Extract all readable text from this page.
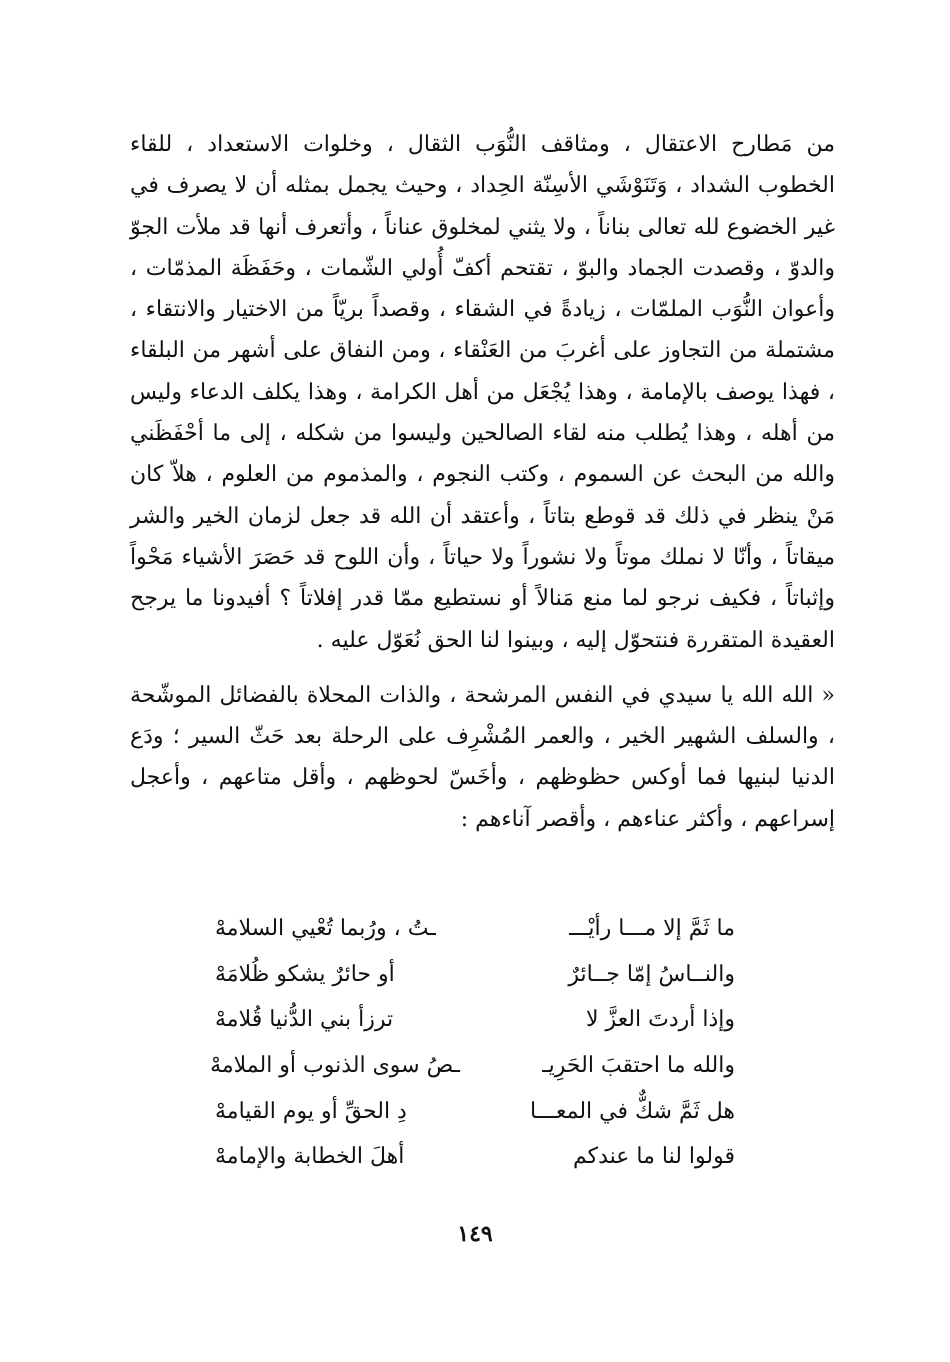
من مَطارح الاعتقال ، ومثاقف النُّوَب الثقال ، وخلوات الاستعداد ، للقاء الخطوب الشداد ، وَتَنَوْشَي الأسِنّة الحِداد ، وحيث يجمل بمثله أن لا يصرف في غير الخضوع لله تعالى بناناً ، ولا يثني لمخلوق عناناً ، وأتعرف أنها قد ملأت الجوّ والدوّ ، وقصدت الجماد والبوّ ، تقتحم أكفّ أُولي الشّمات ، وحَفَظَة المذمّات ، وأعوان النُّوَب الملمّات ، زيادةً في الشقاء ، وقصداً بريّاً من الاختيار والانتقاء ، مشتملة من التجاوز على أغربَ من العَنْقاء ، ومن النفاق على أشهر من البلقاء ، فهذا يوصف بالإمامة ، وهذا يُجْعَل من أهل الكرامة ، وهذا يكلف الدعاء وليس من أهله ، وهذا يُطلب منه لقاء الصالحين وليسوا من شكله ، إلى ما أحْفَظَني والله من البحث عن السموم ، وكتب النجوم ، والمذموم من العلوم ، هلاّ كان مَنْ ينظر في ذلك قد قوطع بتاتاً ، وأعتقد أن الله قد جعل لزمان الخير والشر ميقاتاً ، وأنّا لا نملك موتاً ولا نشوراً ولا حياتاً ، وأن اللوح قد حَصَرَ الأشياء مَحْواً وإثباتاً ، فكيف نرجو لما منع مَنالاً أو نستطيع ممّا قدر إفلاتاً ؟ أفيدونا ما يرجح العقيدة المتقررة فنتحوّل إليه ، وبينوا لنا الحق نُعَوّل عليه .

« الله الله يا سيدي في النفس المرشحة ، والذات المحلاة بالفضائل الموشّحة ، والسلف الشهير الخير ، والعمر المُشْرِف على الرحلة بعد حَثّ السير ؛ ودَع الدنيا لبنيها فما أوكس حظوظهم ، وأخَسّ لحوظهم ، وأقل متاعهم ، وأعجل إسراعهم ، وأكثر عناءهم ، وأقصر آناءهم :

ما ثَمَّ إلا مـــا رأيْـــ
ـتُ ، ورُبما تُعْيي السلامهْ
والنــاسُ إمّا جــائرٌ
أو حائرٌ يشكو ظُلامَهْ
وإذا أردتَ العزَّ لا
ترزأ بني الدُّنيا قُلامهْ
والله ما احتقبَ الحَرِيـ
ـصُ سوى الذنوب أو الملامهْ
هل ثَمَّ شكٌّ في المعـــا
دِ الحقِّ أو يوم القيامهْ
قولوا لنا ما عندكم
أهلَ الخطابة والإمامهْ
١٤٩
